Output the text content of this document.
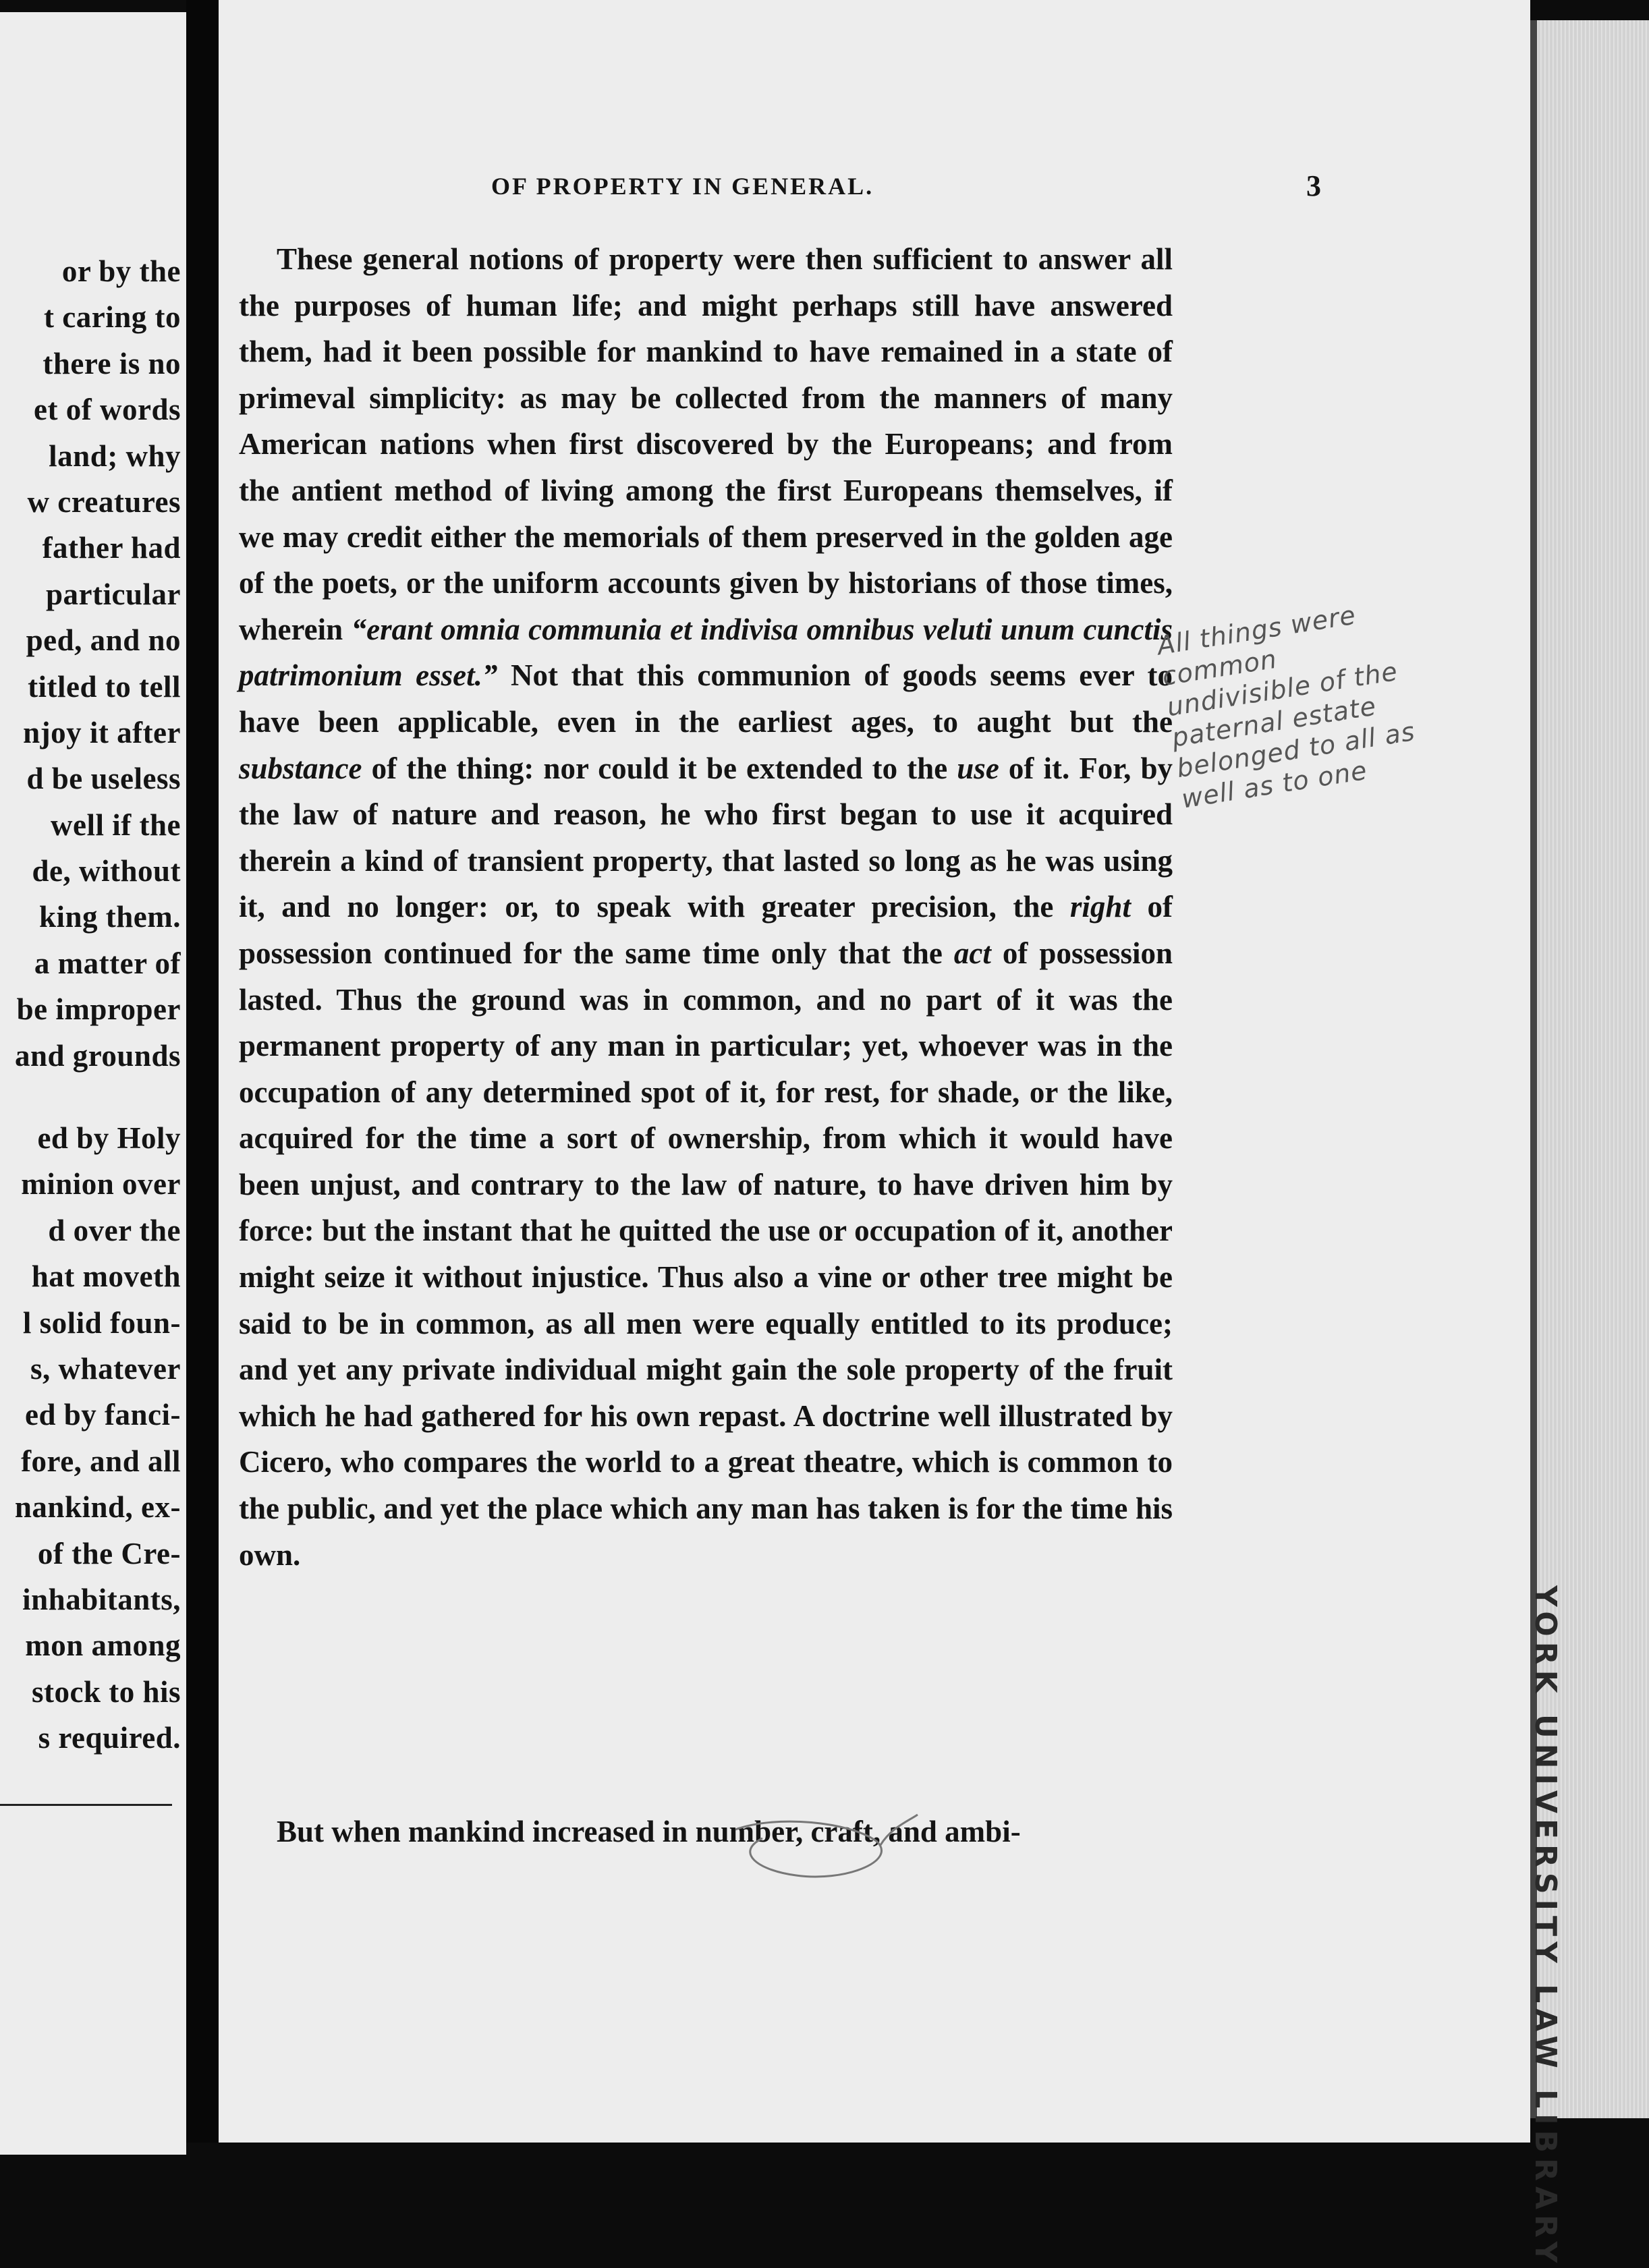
or by the
t caring to
there is no
et of words
land; why
w creatures
father had
particular
ped, and no
titled to tell
njoy it after
d be useless
well if the
de, without
king them.
a matter of
be improper
and grounds
ed by Holy
minion over
d over the
hat moveth
l solid foun-
s, whatever
ed by fanci-
fore, and all
nankind, ex-
of the Cre-
inhabitants,
mon among
stock to his
s required.
OF PROPERTY IN GENERAL.	3

These general notions of property were then sufficient to answer all the purposes of human life; and might perhaps still have answered them, had it been possible for mankind to have remained in a state of primeval simplicity: as may be collected from the manners of many American nations when first discovered by the Europeans; and from the antient method of living among the first Europeans themselves, if we may credit either the memorials of them preserved in the golden age of the poets, or the uniform accounts given by historians of those times, wherein “erant omnia communia et indivisa omnibus veluti unum cunctis patrimonium esset.” Not that this communion of goods seems ever to have been applicable, even in the earliest ages, to aught but the substance of the thing: nor could it be extended to the use of it. For, by the law of nature and reason, he who first began to use it acquired therein a kind of transient property, that lasted so long as he was using it, and no longer: or, to speak with greater precision, the right of possession continued for the same time only that the act of possession lasted. Thus the ground was in common, and no part of it was the permanent property of any man in particular; yet, whoever was in the occupation of any determined spot of it, for rest, for shade, or the like, acquired for the time a sort of ownership, from which it would have been unjust, and contrary to the law of nature, to have driven him by force: but the instant that he quitted the use or occupation of it, another might seize it without injustice. Thus also a vine or other tree might be said to be in common, as all men were equally entitled to its produce; and yet any private individual might gain the sole property of the fruit which he had gathered for his own repast. A doctrine well illustrated by Cicero, who compares the world to a great theatre, which is common to the public, and yet the place which any man has taken is for the time his own.

But when mankind increased in number, craft, and ambi-

All things were common
undivisible of the
paternal estate
belonged to all as
well as to one
YORK UNIVERSITY LAW LIBRARY
